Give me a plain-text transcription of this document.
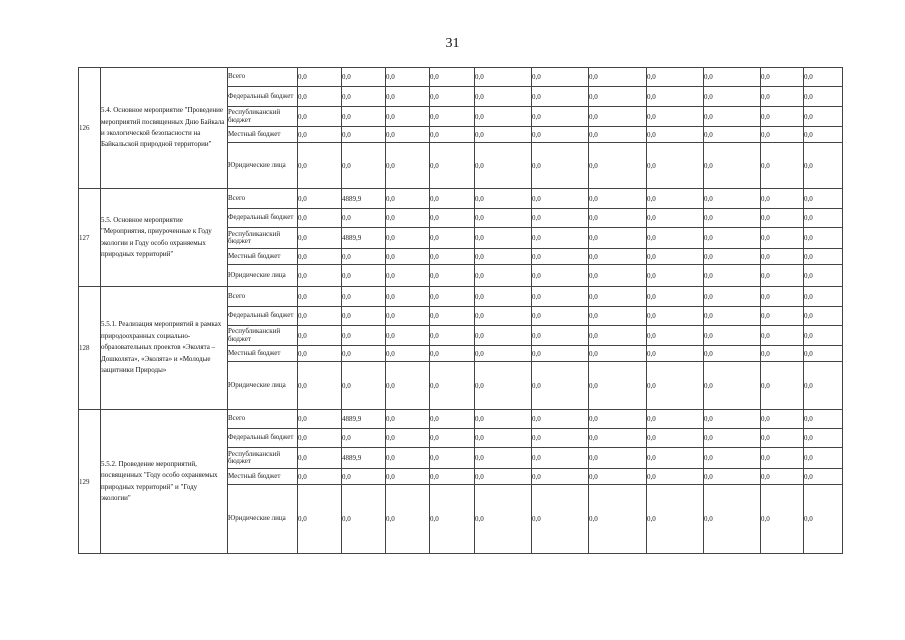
31
126	5.4. Основное мероприятие "Проведение мероприятий посвященных Дню Байкала и экологической безопасности на Байкальской природной территории"	Всего	0,0	0,0	0,0	0,0	0,0	0,0	0,0	0,0	0,0	0,0	0,0
		Федеральный бюджет	0,0	0,0	0,0	0,0	0,0	0,0	0,0	0,0	0,0	0,0	0,0
		Республиканский бюджет	0,0	0,0	0,0	0,0	0,0	0,0	0,0	0,0	0,0	0,0	0,0
		Местный бюджет	0,0	0,0	0,0	0,0	0,0	0,0	0,0	0,0	0,0	0,0	0,0
		Юридические лица	0,0	0,0	0,0	0,0	0,0	0,0	0,0	0,0	0,0	0,0	0,0
127	5.5. Основное мероприятие "Мероприятия, приуроченные к Году экологии и Году особо охраняемых природных территорий"	Всего	0,0	4889,9	0,0	0,0	0,0	0,0	0,0	0,0	0,0	0,0	0,0
		Федеральный бюджет	0,0	0,0	0,0	0,0	0,0	0,0	0,0	0,0	0,0	0,0	0,0
		Республиканский бюджет	0,0	4889,9	0,0	0,0	0,0	0,0	0,0	0,0	0,0	0,0	0,0
		Местный бюджет	0,0	0,0	0,0	0,0	0,0	0,0	0,0	0,0	0,0	0,0	0,0
		Юридические лица	0,0	0,0	0,0	0,0	0,0	0,0	0,0	0,0	0,0	0,0	0,0
128	5.5.1. Реализация мероприятий в рамках природоохранных социально-образовательных проектов «Эколята – Дошколята», «Эколята» и «Молодые защитники Природы»	Всего	0,0	0,0	0,0	0,0	0,0	0,0	0,0	0,0	0,0	0,0	0,0
		Федеральный бюджет	0,0	0,0	0,0	0,0	0,0	0,0	0,0	0,0	0,0	0,0	0,0
		Республиканский бюджет	0,0	0,0	0,0	0,0	0,0	0,0	0,0	0,0	0,0	0,0	0,0
		Местный бюджет	0,0	0,0	0,0	0,0	0,0	0,0	0,0	0,0	0,0	0,0	0,0
		Юридические лица	0,0	0,0	0,0	0,0	0,0	0,0	0,0	0,0	0,0	0,0	0,0
129	5.5.2. Проведение мероприятий, посвященных "Году особо охраняемых природных территорий" и "Году экологии"	Всего	0,0	4889,9	0,0	0,0	0,0	0,0	0,0	0,0	0,0	0,0	0,0
		Федеральный бюджет	0,0	0,0	0,0	0,0	0,0	0,0	0,0	0,0	0,0	0,0	0,0
		Республиканский бюджет	0,0	4889,9	0,0	0,0	0,0	0,0	0,0	0,0	0,0	0,0	0,0
		Местный бюджет	0,0	0,0	0,0	0,0	0,0	0,0	0,0	0,0	0,0	0,0	0,0
		Юридические лица	0,0	0,0	0,0	0,0	0,0	0,0	0,0	0,0	0,0	0,0	0,0
